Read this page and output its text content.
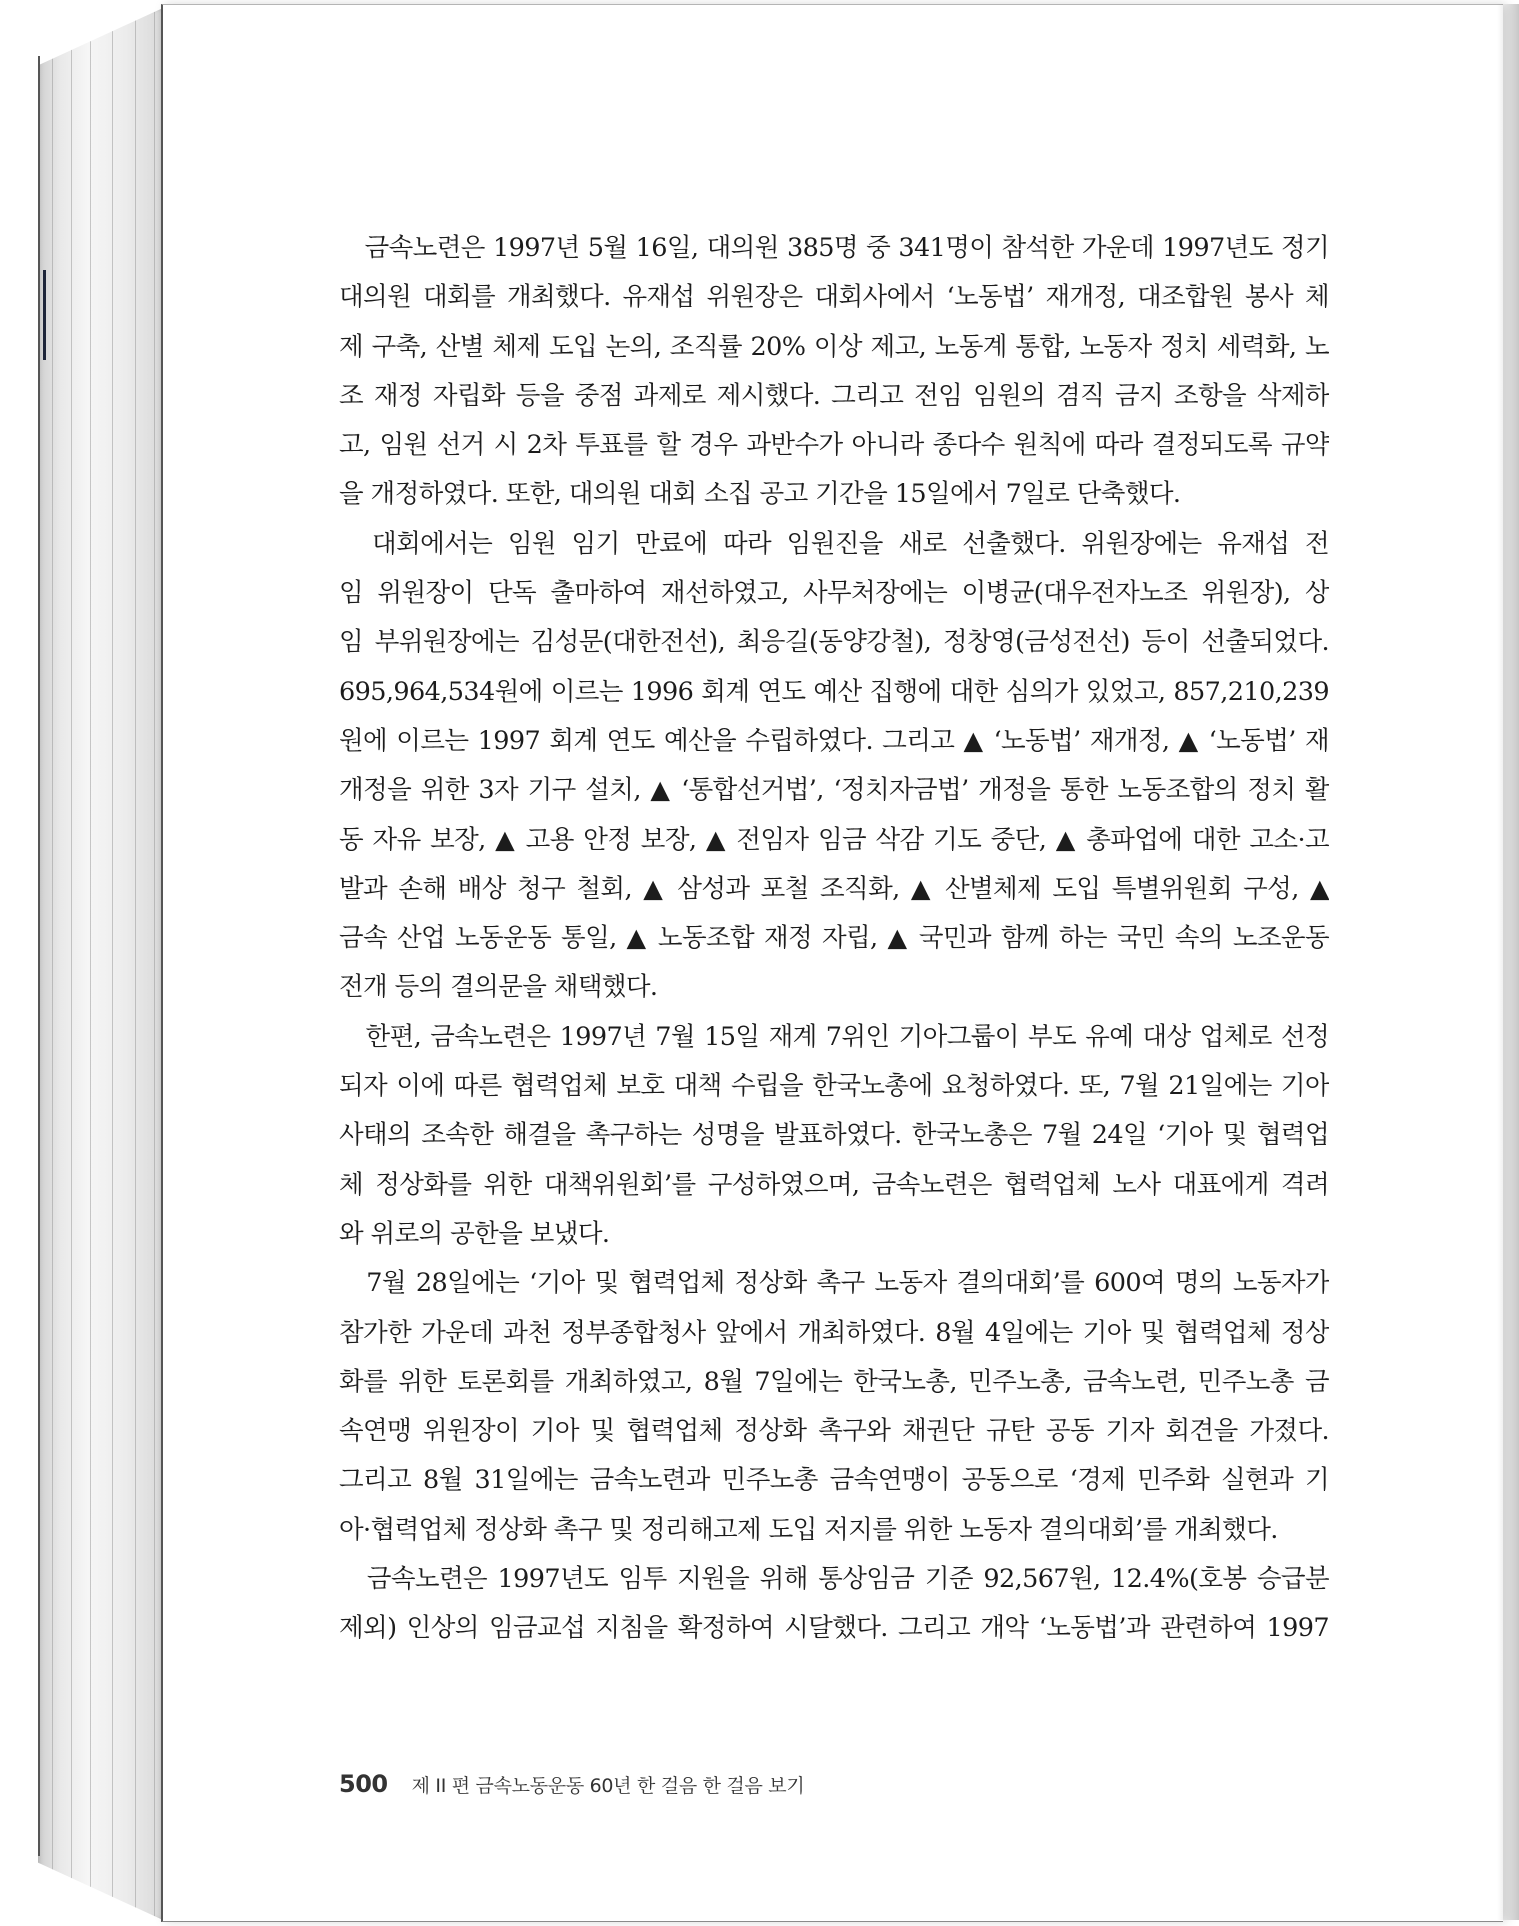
　금속노련은 1997년 5월 16일, 대의원 385명 중 341명이 참석한 가운데 1997년도 정기
대의원 대회를 개최했다. 유재섭 위원장은 대회사에서 ‘노동법’ 재개정, 대조합원 봉사 체
제 구축, 산별 체제 도입 논의, 조직률 20% 이상 제고, 노동계 통합, 노동자 정치 세력화, 노
조 재정 자립화 등을 중점 과제로 제시했다. 그리고 전임 임원의 겸직 금지 조항을 삭제하
고, 임원 선거 시 2차 투표를 할 경우 과반수가 아니라 종다수 원칙에 따라 결정되도록 규약
을 개정하였다. 또한, 대의원 대회 소집 공고 기간을 15일에서 7일로 단축했다.
　대회에서는 임원 임기 만료에 따라 임원진을 새로 선출했다. 위원장에는 유재섭 전
임 위원장이 단독 출마하여 재선하였고, 사무처장에는 이병균(대우전자노조 위원장), 상
임 부위원장에는 김성문(대한전선), 최응길(동양강철), 정창영(금성전선) 등이 선출되었다.
695,964,534원에 이르는 1996 회계 연도 예산 집행에 대한 심의가 있었고, 857,210,239
원에 이르는 1997 회계 연도 예산을 수립하였다. 그리고 ▲ ‘노동법’ 재개정, ▲ ‘노동법’ 재
개정을 위한 3자 기구 설치, ▲ ‘통합선거법’, ‘정치자금법’ 개정을 통한 노동조합의 정치 활
동 자유 보장, ▲ 고용 안정 보장, ▲ 전임자 임금 삭감 기도 중단, ▲ 총파업에 대한 고소·고
발과 손해 배상 청구 철회, ▲ 삼성과 포철 조직화, ▲ 산별체제 도입 특별위원회 구성, ▲
금속 산업 노동운동 통일, ▲ 노동조합 재정 자립, ▲ 국민과 함께 하는 국민 속의 노조운동
전개 등의 결의문을 채택했다.
　한편, 금속노련은 1997년 7월 15일 재계 7위인 기아그룹이 부도 유예 대상 업체로 선정
되자 이에 따른 협력업체 보호 대책 수립을 한국노총에 요청하였다. 또, 7월 21일에는 기아
사태의 조속한 해결을 촉구하는 성명을 발표하였다. 한국노총은 7월 24일 ‘기아 및 협력업
체 정상화를 위한 대책위원회’를 구성하였으며, 금속노련은 협력업체 노사 대표에게 격려
와 위로의 공한을 보냈다.
　7월 28일에는 ‘기아 및 협력업체 정상화 촉구 노동자 결의대회’를 600여 명의 노동자가
참가한 가운데 과천 정부종합청사 앞에서 개최하였다. 8월 4일에는 기아 및 협력업체 정상
화를 위한 토론회를 개최하였고, 8월 7일에는 한국노총, 민주노총, 금속노련, 민주노총 금
속연맹 위원장이 기아 및 협력업체 정상화 촉구와 채권단 규탄 공동 기자 회견을 가졌다.
그리고 8월 31일에는 금속노련과 민주노총 금속연맹이 공동으로 ‘경제 민주화 실현과 기
아·협력업체 정상화 촉구 및 정리해고제 도입 저지를 위한 노동자 결의대회’를 개최했다.
　금속노련은 1997년도 임투 지원을 위해 통상임금 기준 92,567원, 12.4%(호봉 승급분
제외) 인상의 임금교섭 지침을 확정하여 시달했다. 그리고 개악 ‘노동법’과 관련하여 1997
500 제 II 편 금속노동운동 60년 한 걸음 한 걸음 보기
